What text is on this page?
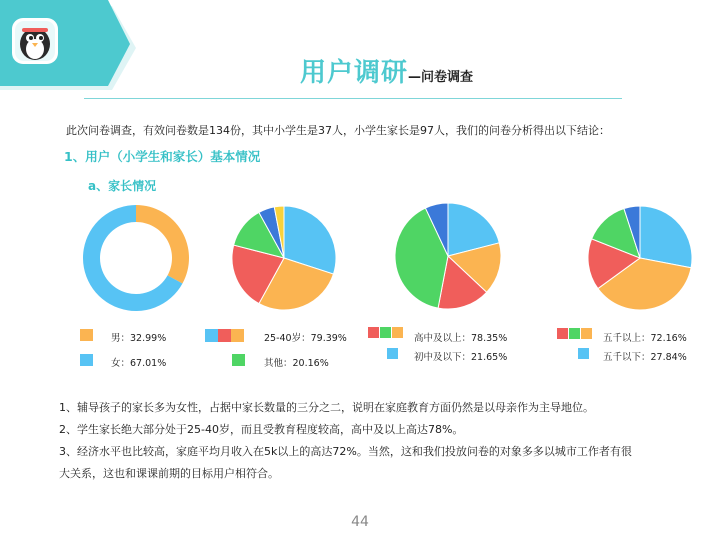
用户调研—问卷调查
此次问卷调查，有效问卷数是134份，其中小学生是37人，小学生家长是97人，我们的问卷分析得出以下结论：
1、用户（小学生和家长）基本情况
a、家长情况
男：32.99%
女：67.01%
25-40岁：79.39%
其他：20.16%
高中及以上：78.35%
初中及以下：21.65%
五千以上：72.16%
五千以下：27.84%
1、辅导孩子的家长多为女性，占据中家长数量的三分之二，说明在家庭教育方面仍然是以母亲作为主导地位。
2、学生家长绝大部分处于25-40岁，而且受教育程度较高，高中及以上高达78%。
3、经济水平也比较高，家庭平均月收入在5k以上的高达72%。当然，这和我们投放问卷的对象多多以城市工作者有很
大关系，这也和课课前期的目标用户相符合。
44
